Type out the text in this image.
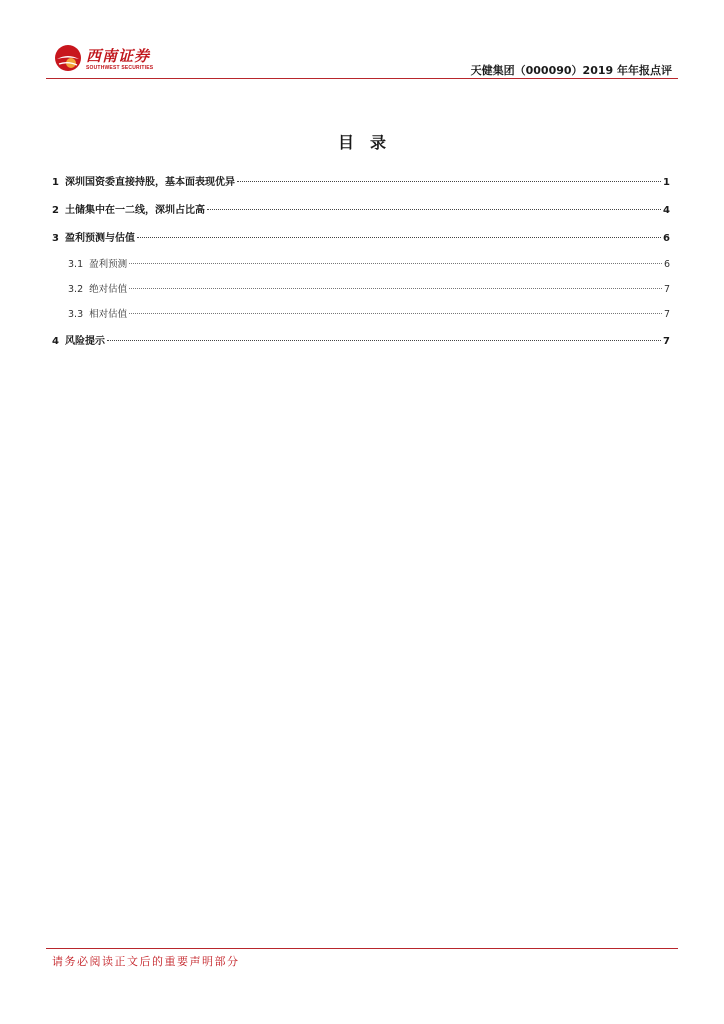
西南证券
SOUTHWEST SECURITIES	天健集团（000090）2019 年年报点评
目录
1 深圳国资委直接持股，基本面表现优异	1
2 土储集中在一二线，深圳占比高	4
3 盈利预测与估值	6
3.1 盈利预测	6
3.2 绝对估值	7
3.3 相对估值	7
4 风险提示	7
请务必阅读正文后的重要声明部分
